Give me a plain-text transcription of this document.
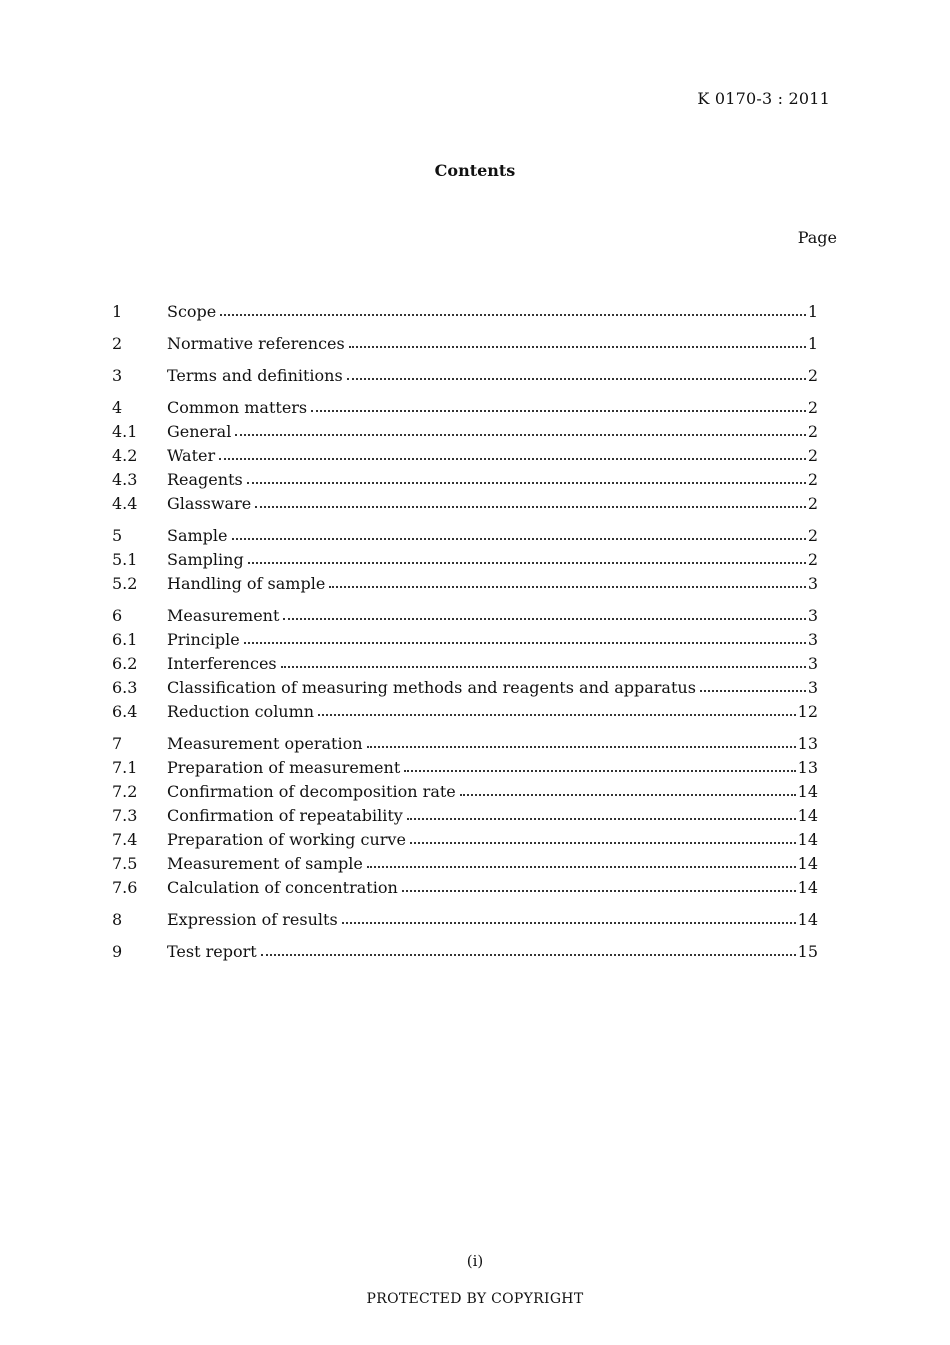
K 0170-3 : 2011
Contents
Page
1	Scope	1
2	Normative references	1
3	Terms and definitions	2
4	Common matters	2
4.1	General	2
4.2	Water	2
4.3	Reagents	2
4.4	Glassware	2
5	Sample	2
5.1	Sampling	2
5.2	Handling of sample	3
6	Measurement	3
6.1	Principle	3
6.2	Interferences	3
6.3	Classification of measuring methods and reagents and apparatus	3
6.4	Reduction column	12
7	Measurement operation	13
7.1	Preparation of measurement	13
7.2	Confirmation of decomposition rate	14
7.3	Confirmation of repeatability	14
7.4	Preparation of working curve	14
7.5	Measurement of sample	14
7.6	Calculation of concentration	14
8	Expression of results	14
9	Test report	15
(i)
PROTECTED BY COPYRIGHT
